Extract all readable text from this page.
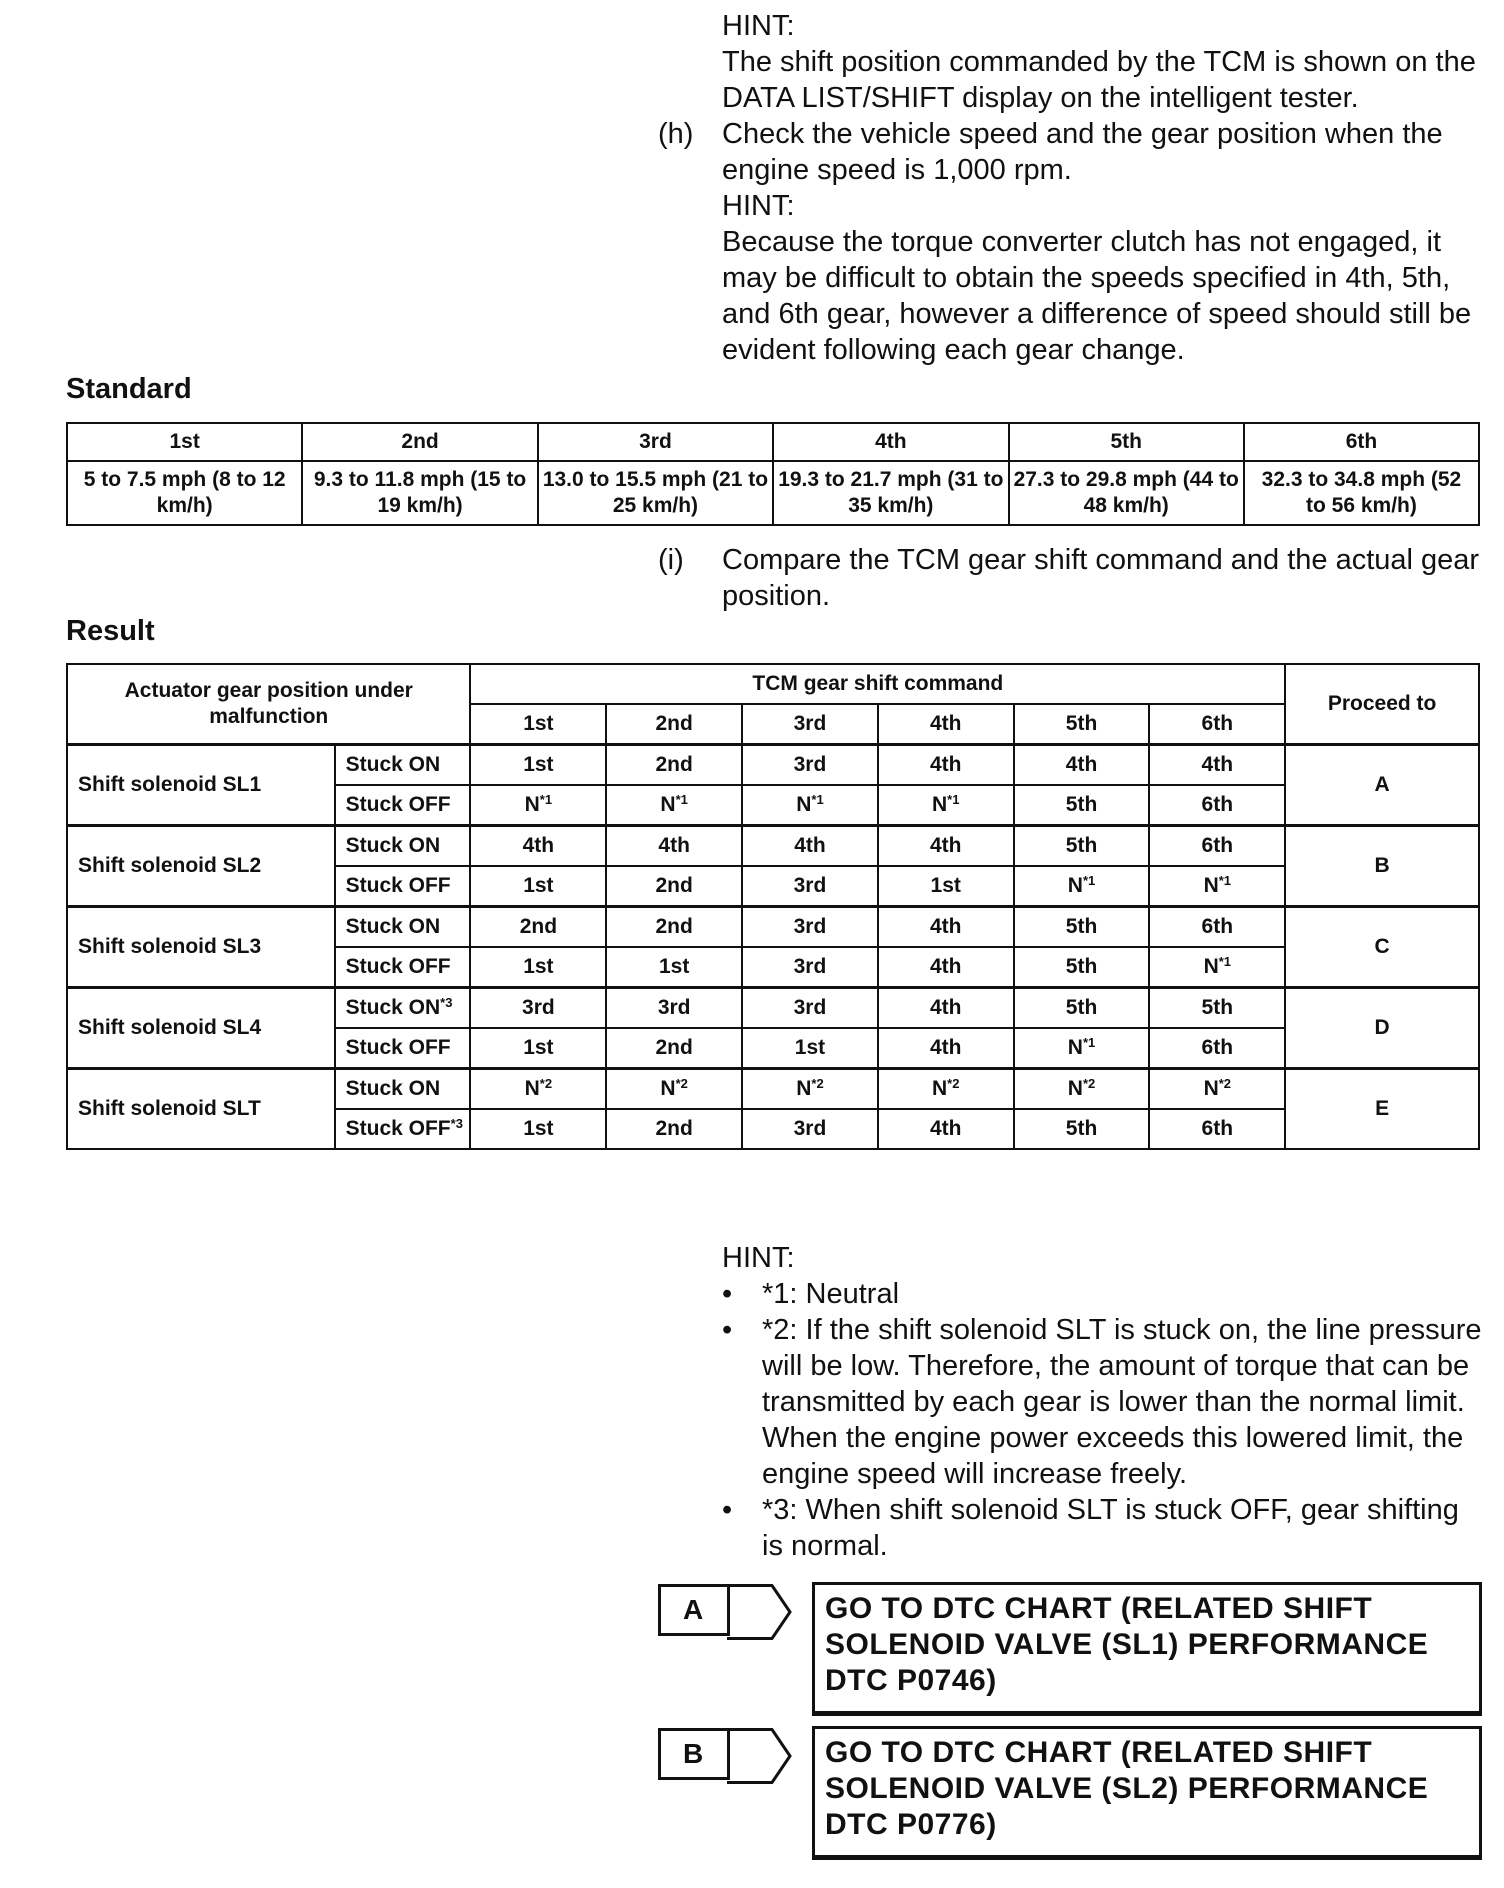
HINT:

The shift position commanded by the TCM is shown on the DATA LIST/SHIFT display on the intelligent tester.

(h) Check the vehicle speed and the gear position when the engine speed is 1,000 rpm.

HINT:

Because the torque converter clutch has not engaged, it may be difficult to obtain the speeds specified in 4th, 5th, and 6th gear, however a difference of speed should still be evident following each gear change.

Standard
1st	2nd	3rd	4th	5th	6th
5 to 7.5 mph (8 to 12 km/h)	9.3 to 11.8 mph (15 to 19 km/h)	13.0 to 15.5 mph (21 to 25 km/h)	19.3 to 21.7 mph (31 to 35 km/h)	27.3 to 29.8 mph (44 to 48 km/h)	32.3 to 34.8 mph (52 to 56 km/h)
(i) Compare the TCM gear shift command and the actual gear position.
Result
Actuator gear position under malfunction		TCM gear shift command						Proceed to
		1st	2nd	3rd	4th	5th	6th	
Shift solenoid SL1	Stuck ON	1st	2nd	3rd	4th	4th	4th	A
	Stuck OFF	$N^{*1}$	$N^{*1}$	$N^{*1}$	$N^{*1}$	5th	6th	
Shift solenoid SL2	Stuck ON	4th	4th	4th	4th	5th	6th	B
	Stuck OFF	1st	2nd	3rd	1st	$N^{*1}$	$N^{*1}$
Shift solenoid SL3	Stuck ON	2nd	2nd	3rd	4th	5th	6th	C
	Stuck OFF	1st	1st	3rd	4th	5th	$N^{*1}$
Shift solenoid SL4	Stuck ON$^{*3}$	3rd	3rd	3rd	4th	5th	5th	D
	Stuck OFF	1st	2nd	1st	4th	$N^{*1}$	6th	
Shift solenoid SLT	Stuck ON	$N^{*2}$	$N^{*2}$	$N^{*2}$	$N^{*2}$	$N^{*2}$	$N^{*2}$	E
	Stuck OFF$^{*3}$	1st	2nd	3rd	4th	5th	6th	

HINT:

• *1: Neutral
• *2: If the shift solenoid SLT is stuck on, the line pressure will be low. Therefore, the amount of torque that can be transmitted by each gear is lower than the normal limit. When the engine power exceeds this lowered limit, the engine speed will increase freely.
• *3: When shift solenoid SLT is stuck OFF, gear shifting is normal.
A	GO TO DTC CHART (RELATED SHIFT SOLENOID VALVE (SL1) PERFORMANCE DTC P0746)
B	GO TO DTC CHART (RELATED SHIFT SOLENOID VALVE (SL2) PERFORMANCE DTC P0776)
